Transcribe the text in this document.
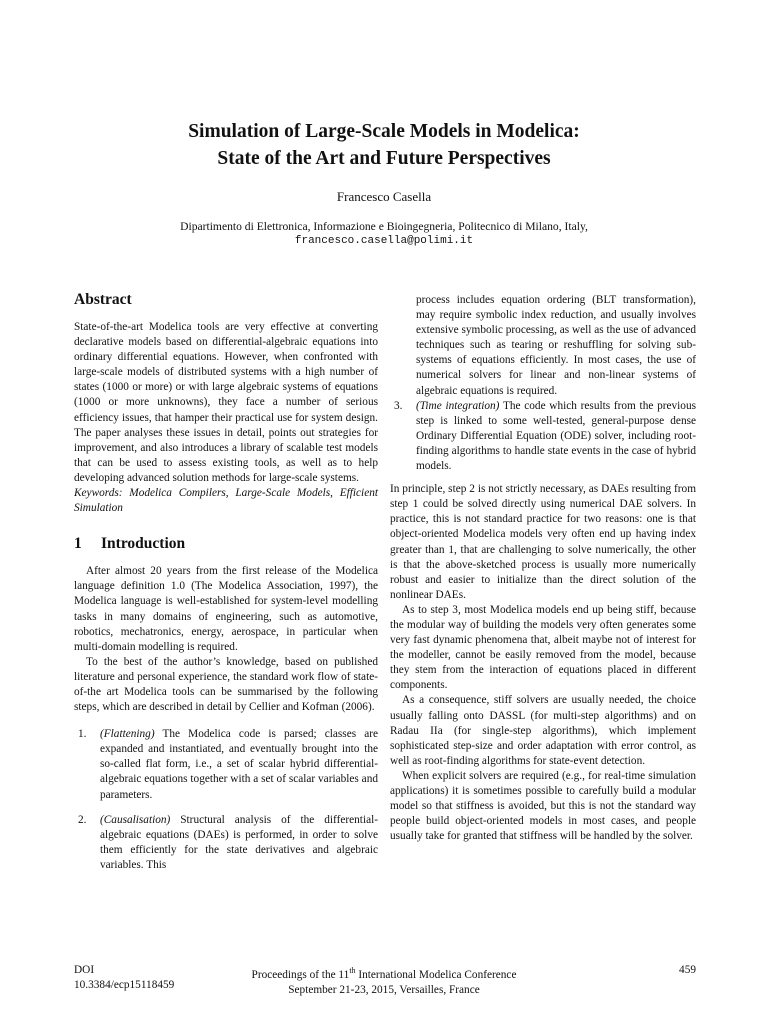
Simulation of Large-Scale Models in Modelica:
State of the Art and Future Perspectives
Francesco Casella
Dipartimento di Elettronica, Informazione e Bioingegneria, Politecnico di Milano, Italy,
francesco.casella@polimi.it
Abstract

State-of-the-art Modelica tools are very effective at converting declarative models based on differential-algebraic equations into ordinary differential equations. However, when confronted with large-scale models of distributed systems with a high number of states (1000 or more) or with large algebraic systems of equations (1000 or more unknowns), they face a number of serious efficiency issues, that hamper their practical use for system design. The paper analyses these issues in detail, points out strategies for improvement, and also introduces a library of scalable test models that can be used to assess existing tools, as well as to help developing advanced solution methods for large-scale systems.

Keywords: Modelica Compilers, Large-Scale Models, Efficient Simulation

1 Introduction

After almost 20 years from the first release of the Modelica language definition 1.0 (The Modelica Association, 1997), the Modelica language is well-established for system-level modelling tasks in many domains of engineering, such as automotive, robotics, mechatronics, energy, aerospace, in particular when multi-domain modelling is required.

To the best of the author’s knowledge, based on published literature and personal experience, the standard work flow of state-of-the art Modelica tools can be summarised by the following steps, which are described in detail by Cellier and Kofman (2006).

1. (Flattening) The Modelica code is parsed; classes are expanded and instantiated, and eventually brought into the so-called flat form, i.e., a set of scalar hybrid differential-algebraic equations together with a set of scalar variables and parameters.
2. (Causalisation) Structural analysis of the differential-algebraic equations (DAEs) is performed, in order to solve them efficiently for the state derivatives and algebraic variables. This

process includes equation ordering (BLT transformation), may require symbolic index reduction, and usually involves extensive symbolic processing, as well as the use of advanced techniques such as tearing or reshuffling for solving sub-systems of equations efficiently. In most cases, the use of numerical solvers for linear and non-linear systems of algebraic equations is required.

3. (Time integration) The code which results from the previous step is linked to some well-tested, general-purpose dense Ordinary Differential Equation (ODE) solver, including root-finding algorithms to handle state events in the case of hybrid models.

In principle, step 2 is not strictly necessary, as DAEs resulting from step 1 could be solved directly using numerical DAE solvers. In practice, this is not standard practice for two reasons: one is that object-oriented Modelica models very often end up having index greater than 1, that are challenging to solve numerically, the other is that the above-sketched process is usually more numerically robust and easier to initialize than the direct solution of the nonlinear DAEs.

As to step 3, most Modelica models end up being stiff, because the modular way of building the models very often generates some very fast dynamic phenomena that, albeit maybe not of interest for the modeller, cannot be easily removed from the model, because they stem from the interaction of equations placed in different components.

As a consequence, stiff solvers are usually needed, the choice usually falling onto DASSL (for multi-step algorithms) and on Radau IIa (for single-step algorithms), which implement sophisticated step-size and order adaptation with error control, as well as root-finding algorithms for state-event detection.

When explicit solvers are required (e.g., for real-time simulation applications) it is sometimes possible to carefully build a modular model so that stiffness is avoided, but this is not the standard way people build object-oriented models in most cases, and people usually take for granted that stiffness will be handled by the solver.

DOI
10.3384/ecp15118459
Proceedings of the 11th International Modelica Conference
September 21-23, 2015, Versailles, France
459
